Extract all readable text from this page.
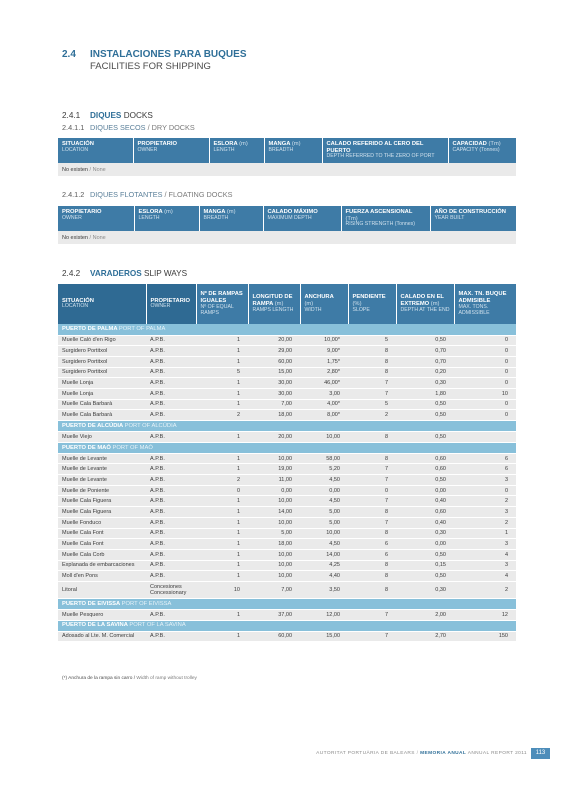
2.4 INSTALACIONES PARA BUQUES
FACILITIES FOR SHIPPING
2.4.1 DIQUES DOCKS
2.4.1.1 DIQUES SECOS / DRY DOCKS
SITUACIÓN
LOCATION
	PROPIETARIO
OWNER
	ESLORA (m)
LENGTH
	MANGA (m)
BREADTH
	CALADO REFERIDO AL CERO DEL PUERTO
DEPTH REFERRED TO THE ZERO OF PORT
	CAPACIDAD (Tm)
CAPACITY (Tonnes)

No existen / None
2.4.1.2 DIQUES FLOTANTES / FLOATING DOCKS
PROPIETARIO
OWNER
	ESLORA (m)
LENGTH
	MANGA (m)
BREADTH
	CALADO MÁXIMO
MAXIMUM DEPTH
	FUERZA ASCENSIONAL (Tm)
RISING STRENGTH (Tonnes)
	AÑO DE CONSTRUCCIÓN
YEAR BUILT

No existen / None
2.4.2 VARADEROS SLIP WAYS
SITUACIÓN
LOCATION	PROPIETARIO
OWNER	Nº DE RAMPAS IGUALES
Nº OF EQUAL RAMPS	LONGITUD DE RAMPA (m)
RAMPS LENGTH	ANCHURA (m)
WIDTH	PENDIENTE (%)
SLOPE	CALADO EN EL EXTREMO (m)
DEPTH AT THE END	MAX. TN. BUQUE ADMISIBLE
MAX. TONS. ADMISSIBLE

PUERTO DE PALMA PORT OF PALMA							
Muelle Caló d'en Rigo	A.P.B.	1	20,00	10,00*	5	0,50	0
Surgidero Portitxol	A.P.B.	1	29,00	9,00*	8	0,70	0
Surgidero Portitxol	A.P.B.	1	60,00	1,75*	8	0,70	0
Surgidero Portitxol	A.P.B.	5	15,00	2,80*	8	0,20	0
Muelle Lonja	A.P.B.	1	30,00	46,00*	7	0,30	0
Muelle Lonja	A.P.B.	1	30,00	3,00	7	1,80	10
Muelle Cala Barbarà	A.P.B.	1	7,00	4,00*	5	0,50	0
Muelle Cala Barbarà	A.P.B.	2	18,00	8,00*	2	0,50	0
PUERTO DE ALCÚDIA PORT OF ALCÚDIA							
Muelle Viejo	A.P.B.	1	20,00	10,00	8	0,50	
PUERTO DE MAÓ PORT OF MAÓ							
Muelle de Levante	A.P.B.	1	10,00	58,00	8	0,60	6
Muelle de Levante	A.P.B.	1	19,00	5,20	7	0,60	6
Muelle de Levante	A.P.B.	2	11,00	4,50	7	0,50	3
Muelle de Poniente	A.P.B.	0	0,00	0,00	0	0,00	0
Muelle Cala Figuera	A.P.B.	1	10,00	4,50	7	0,40	2
Muelle Cala Figuera	A.P.B.	1	14,00	5,00	8	0,60	3
Muelle Fonduco	A.P.B.	1	10,00	5,00	7	0,40	2
Muelle Cala Font	A.P.B.	1	5,00	10,00	8	0,30	1
Muelle Cala Font	A.P.B.	1	18,00	4,50	6	0,00	3
Muelle Cala Corb	A.P.B.	1	10,00	14,00	6	0,50	4
Explanada de embarcaciones	A.P.B.	1	10,00	4,25	8	0,15	3
Moll d'en Pons	A.P.B.	1	10,00	4,40	8	0,50	4
Litoral	Concesiones Concessionary	10	7,00	3,50	8	0,30	2
PUERTO DE EIVISSA PORT OF EIVISSA							
Muelle Pesquero	A.P.B.	1	37,00	12,00	7	2,00	12
PUERTO DE LA SAVINA PORT OF LA SAVINA							
Adosado al Lte. M. Comercial	A.P.B.	1	60,00	15,00	7	2,70	150
(*) Anchura de la rampa sin carro / Width of ramp without trolley
AUTORITAT PORTUÀRIA DE BALEARS / MEMORIA ANUAL ANNUAL REPORT 2011	113
